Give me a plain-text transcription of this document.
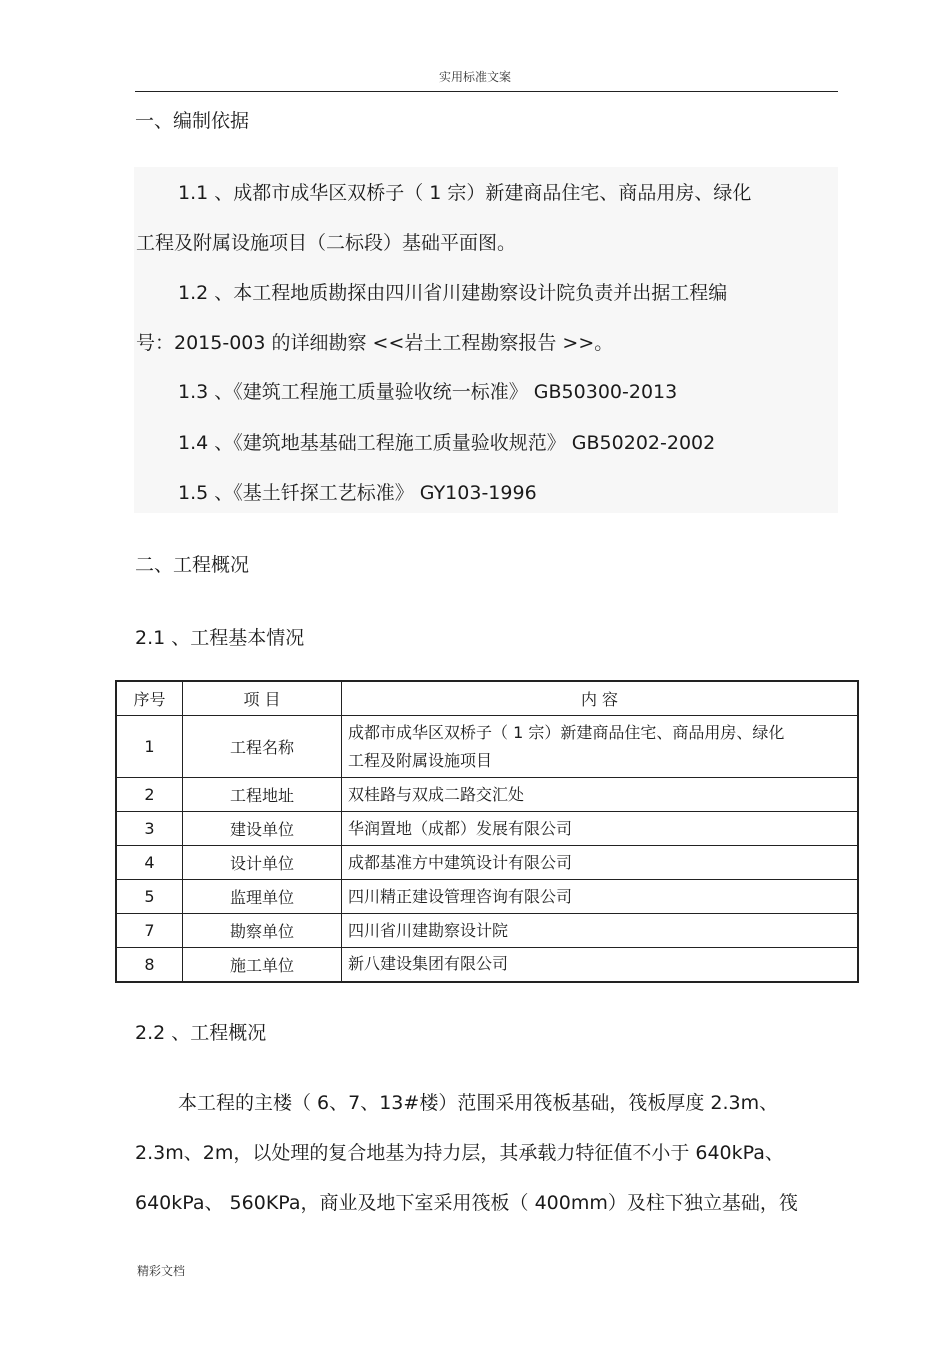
实用标准文案
一、编制依据
1.1 、成都市成华区双桥子（ 1 宗）新建商品住宅、商品用房、绿化
工程及附属设施项目（二标段）基础平面图。
1.2 、本工程地质勘探由四川省川建勘察设计院负责并出据工程编
号：2015-003 的详细勘察 <<岩土工程勘察报告 >>。
1.3 、《建筑工程施工质量验收统一标准》 GB50300-2013
1.4 、《建筑地基基础工程施工质量验收规范》 GB50202-2002
1.5 、《基土钎探工艺标准》 GY103-1996
二、工程概况
2.1 、工程基本情况
序号	项 目	内 容
1	工程名称	成都市成华区双桥子（ 1 宗）新建商品住宅、商品用房、绿化
工程及附属设施项目

2	工程地址	双桂路与双成二路交汇处
3	建设单位	华润置地（成都）发展有限公司
4	设计单位	成都基准方中建筑设计有限公司
5	监理单位	四川精正建设管理咨询有限公司
7	勘察单位	四川省川建勘察设计院
8	施工单位	新八建设集团有限公司
2.2 、工程概况
本工程的主楼（ 6、7、13#楼）范围采用筏板基础，筏板厚度 2.3m、
2.3m、2m，以处理的复合地基为持力层，其承载力特征值不小于 640kPa、
640kPa、 560KPa，商业及地下室采用筏板（ 400mm）及柱下独立基础，筏
精彩文档
